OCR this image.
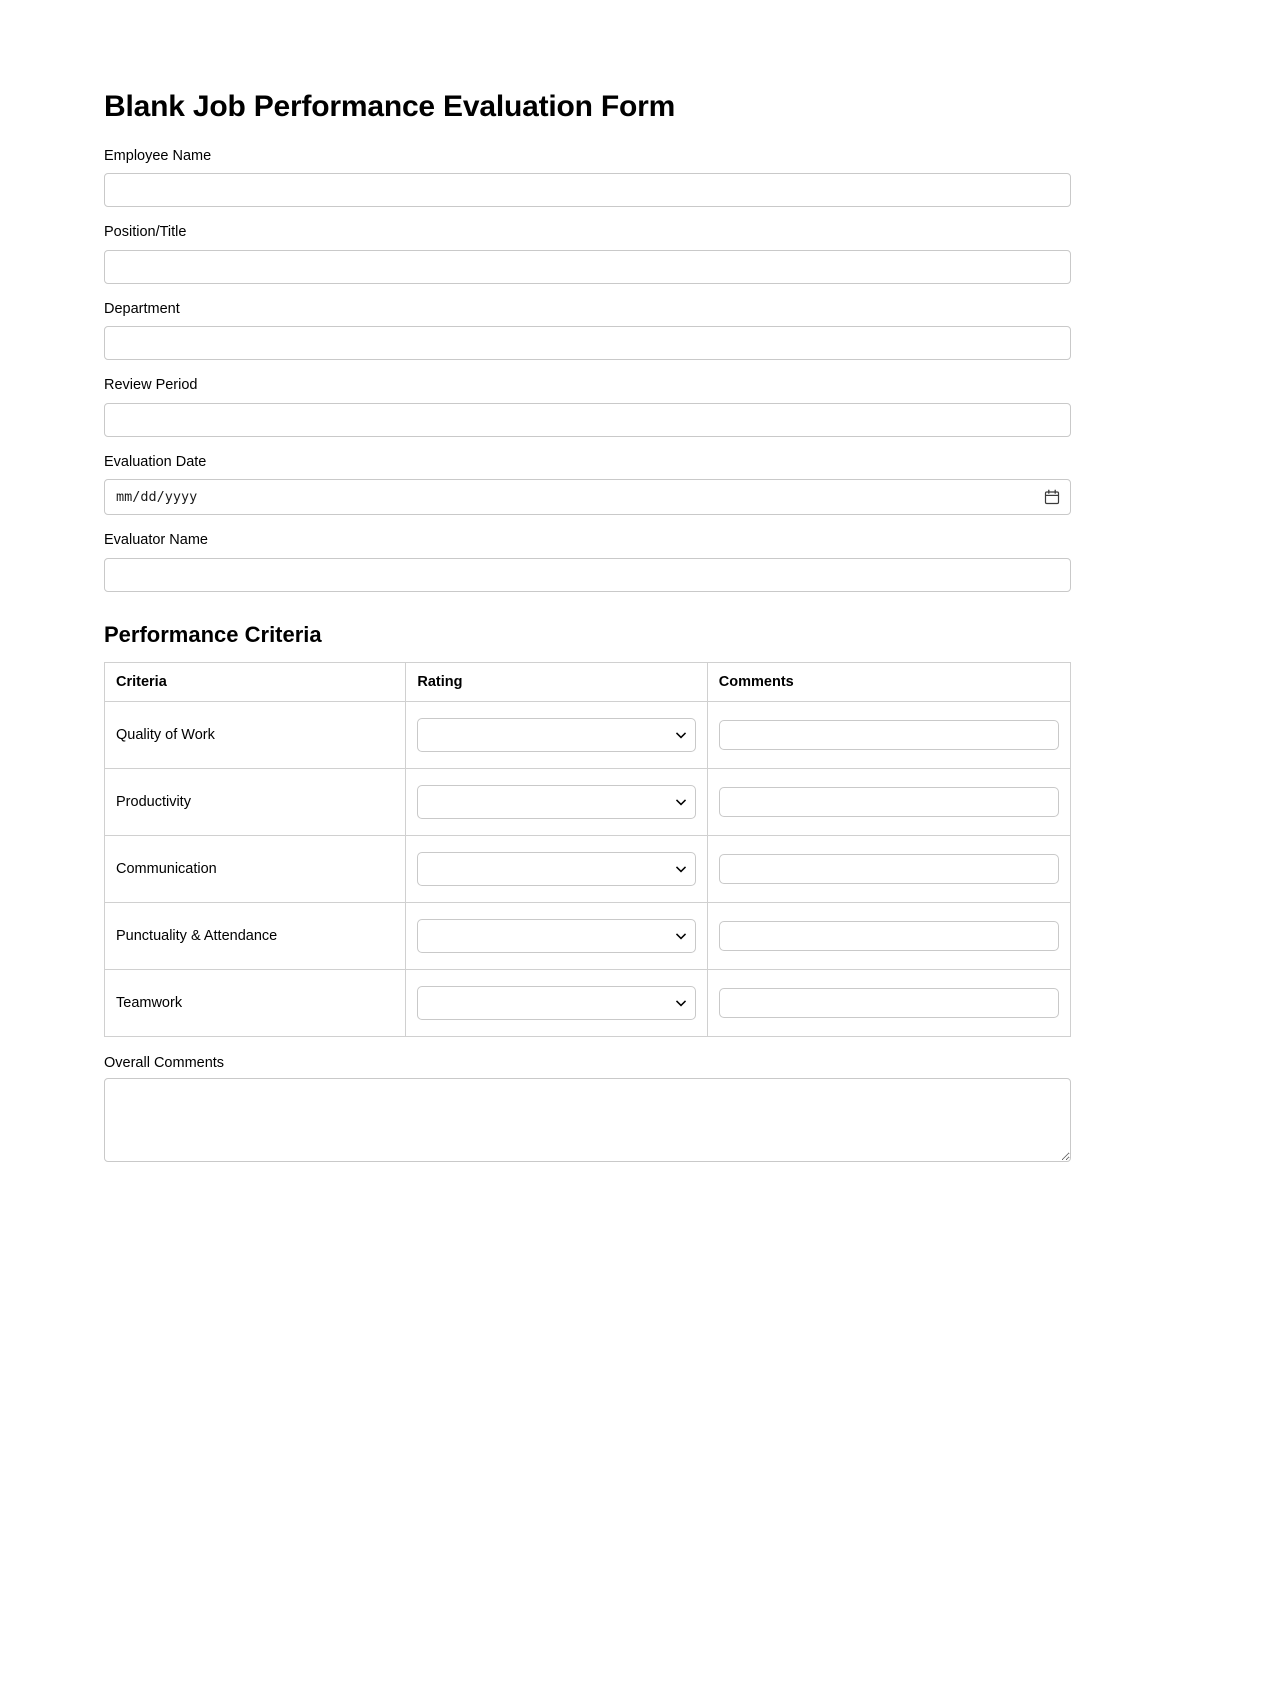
Blank Job Performance Evaluation Form
Employee Name
Position/Title
Department
Review Period
Evaluation Date
mm/dd/yyyy
Evaluator Name
Performance Criteria
Criteria	Rating	Comments
Quality of Work	

Productivity	

Communication	

Punctuality & Attendance	

Teamwork	

Overall Comments
